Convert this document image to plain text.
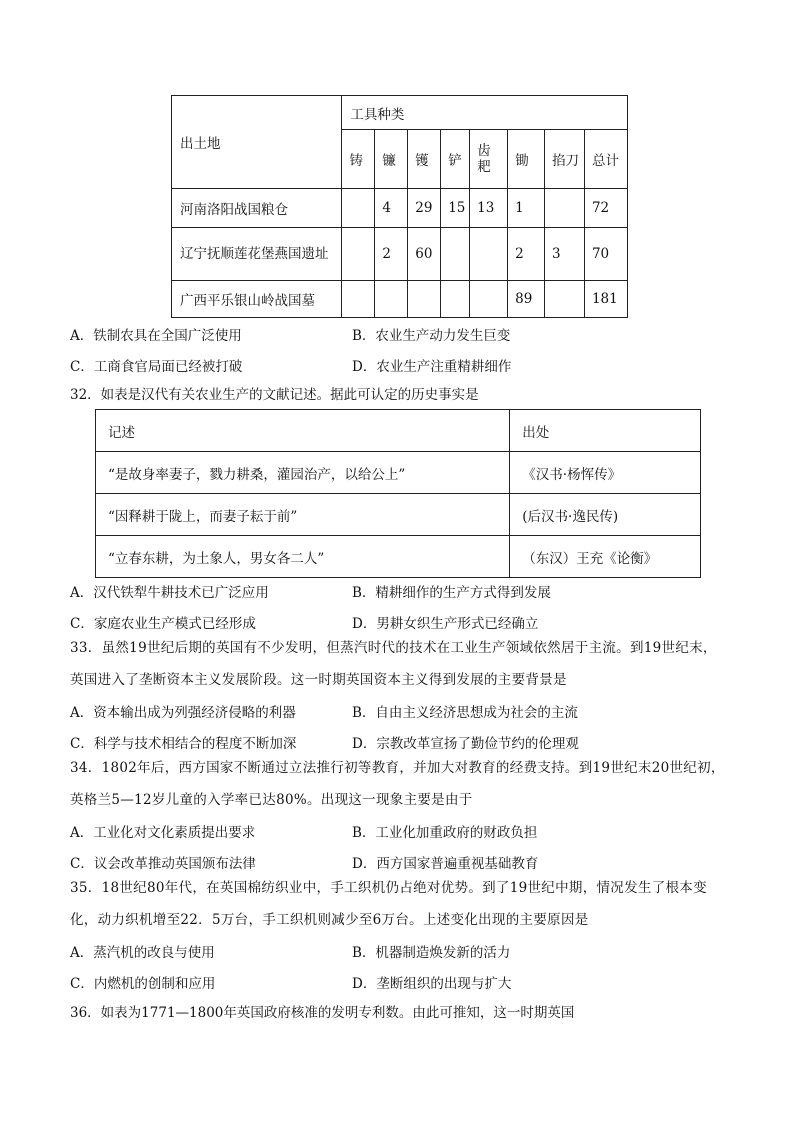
出土地	工具种类							
	铸	镰	镬	铲	齿耙	锄	掐刀	总计
河南洛阳战国粮仓		4	29	15	13	1		72
辽宁抚顺莲花堡燕国遗址		2	60			2	3	70
广西平乐银山岭战国墓						89		181
A．铁制农具在全国广泛使用	B．农业生产动力发生巨变
C．工商食官局面已经被打破	D．农业生产注重精耕细作
32．如表是汉代有关农业生产的文献记述。据此可认定的历史事实是
记述	出处
“是故身率妻子，戮力耕桑，灌园治产，以给公上”	《汉书·杨恽传》
“因释耕于陇上，而妻子耘于前”	(后汉书·逸民传)
“立春东耕，为土象人，男女各二人”	（东汉）王充《论衡》
A．汉代铁犁牛耕技术已广泛应用	B．精耕细作的生产方式得到发展
C．家庭农业生产模式已经形成	D．男耕女织生产形式已经确立
33．虽然19世纪后期的英国有不少发明，但蒸汽时代的技术在工业生产领域依然居于主流。到19世纪末，
英国进入了垄断资本主义发展阶段。这一时期英国资本主义得到发展的主要背景是
A．资本输出成为列强经济侵略的利器	B．自由主义经济思想成为社会的主流
C．科学与技术相结合的程度不断加深	D．宗教改革宣扬了勤俭节约的伦理观
34．1802年后，西方国家不断通过立法推行初等教育，并加大对教育的经费支持。到19世纪末20世纪初，
英格兰5—12岁儿童的入学率已达80%。出现这一现象主要是由于
A．工业化对文化素质提出要求	B．工业化加重政府的财政负担
C．议会改革推动英国颁布法律	D．西方国家普遍重视基础教育
35．18世纪80年代，在英国棉纺织业中，手工织机仍占绝对优势。到了19世纪中期，情况发生了根本变
化，动力织机增至22．5万台，手工织机则减少至6万台。上述变化出现的主要原因是
A．蒸汽机的改良与使用	B．机器制造焕发新的活力
C．内燃机的创制和应用	D．垄断组织的出现与扩大
36．如表为1771—1800年英国政府核准的发明专利数。由此可推知，这一时期英国
